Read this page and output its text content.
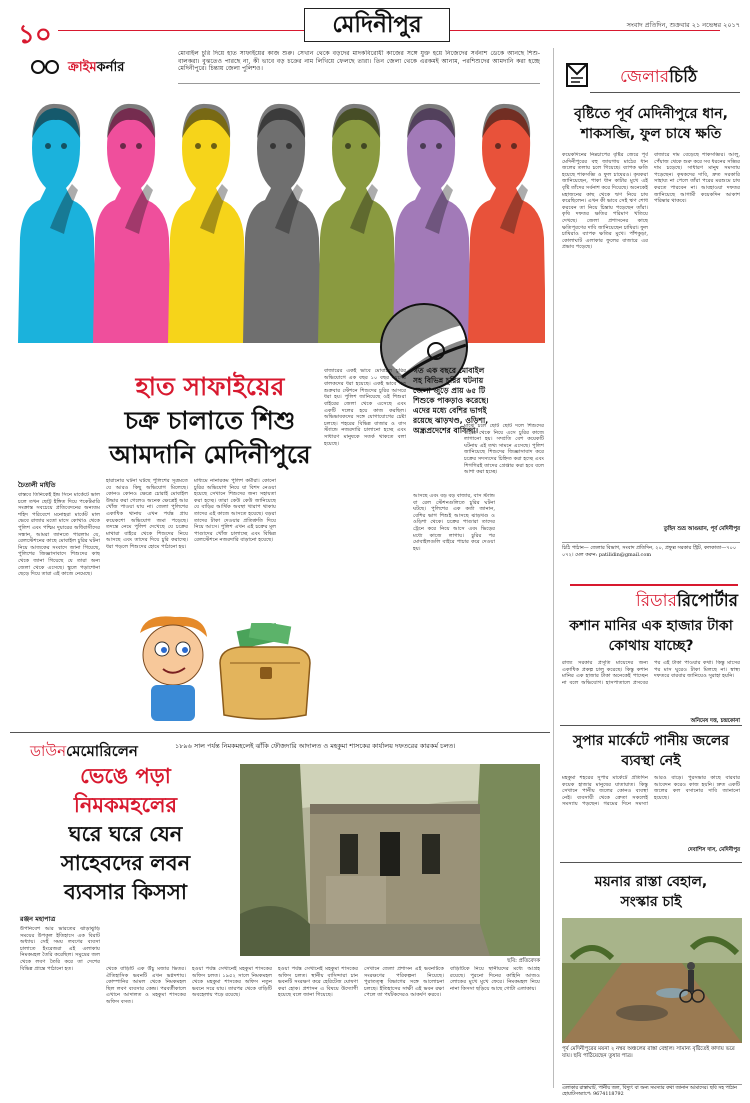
১০	মেদিনীপুর	সংবাদ প্রতিদিন, শুক্রবার ২১ নভেম্বর ২০১৭
ক্রাইমকর্নার
মোবাইল চুরি দিয়ে হাত সাফাইয়ের কাজ শুরু। সেখান থেকে বড়দের মাদকবিরোধী কাজের সঙ্গে যুক্ত হয়ে নিজেদের সর্বনাশ ডেকে আনছে শিশু-বালকরা। বুঝতেও পারছে না, কী ভাবে বড় চক্রের নাম লিখিয়ে ফেলছে তারা। তিন জেলা থেকে এরকমই আনাম, পরশিশুদের আমদানি করা হচ্ছে মেদিনীপুরে। চিন্তায় জেলা পুলিশও।
হাত সাফাইয়ের
চক্র চালাতে শিশু
আমদানি মেদিনীপুরে
চৈতালী মাইতি
বাস্তবে তিনিকেই ইন্দ্র সিনে মার্কেটে ভাল চলে তখন ছোট্ট ইঙ্গিত দিয়ে পকেটমারি সংক্রান্ত সবচেয়ে প্রতিবেদনের অন্যতম শহিদ পরিবেশে মনোহরা মার্কেট মাল ভেবে রাজার মতো মাসে কোথাও থেকে পুলিশ এবং পশ্চিম দুয়ারের অধিবাসীদের সন্ধান, আমরা জানতে পারলাম যে, রেলস্টেশনের কাছে মোবাইল চুরির ঘটনা নিয়ে আজকের সংবাদে জানা গিয়েছে, পুলিশের জিজ্ঞাসাবাদে শিশুদের কাছ থেকে জানা গিয়েছে যে তারা অন্য জেলা থেকে এসেছে। স্কুলে পড়াশোনা ছেড়ে দিয়ে তারা এই কাজে নেমেছে।
হারানোর ঘটনা ঘটছে পুলিশের সূত্রমতে যে আরও কিছু অভিযোগ মিলেছে। কোনও কোনও ক্ষেত্রে চোরাই মোবাইল উদ্ধার করা গেলেও অনেক ক্ষেত্রেই আর খোঁজ পাওয়া যায় না। জেলা পুলিশের একাধিক থানায় এখন পর্যন্ত প্রায় কয়েকশো অভিযোগ জমা পড়েছে। তদন্তে নেমে পুলিশ দেখেছে যে চক্রের মাথারা বাইরে থেকে শিশুদের নিয়ে আসছে এবং তাদের দিয়ে চুরি করাচ্ছে। ধরা পড়লে শিশুদের হোমে পাঠানো হয়।
মাধ্যমে নানারকম পুলিশ কর্মীরা। কোনো চুরির অভিযোগ নিয়ে যা বিশদ নেওয়া হয়েছে সেখানে শিশুদের জন্য সহায়তা করা হচ্ছে। তারা কেউ কেউ জানিয়েছে যে বাড়ির আর্থিক অবস্থা খারাপ থাকায় তাদের এই কাজে আসতে হয়েছে। বড়রা তাদের টাকা দেওয়ার প্রতিশ্রুতি দিয়ে নিয়ে আসে। পুলিশ এখন এই চক্রের মূল পাণ্ডাদের খোঁজ চালাচ্ছে এবং বিভিন্ন রেলস্টেশনে নজরদারি বাড়ানো হয়েছে।
বাজারের একই ভাবে মোবাইল চুরির অভিযোগে এক বছর ১০ বছর বয়সের বালকদের ধরা হয়েছে। একই ভাবে গত শুক্রবার স্টেশনে শিশুদের চুরির আসরে ধরা হয়। পুলিশ জানিয়েছে ওই শিশুরা বাইরের জেলা থেকে এসেছে এবং একটি দলের হয়ে কাজ করছিল। অভিভাবকদের সঙ্গে যোগাযোগের চেষ্টা চলছে। শহরের বিভিন্ন বাজার ও বাস স্ট্যান্ডে নজরদারি চালানো হচ্ছে এবং সাধারণ মানুষকে সতর্ক থাকতে বলা হয়েছে।
আসছে এবং বড় বড় বাজার, বাস স্ট্যান্ড বা রেল স্টেশনগুলিতে চুরির ঘটনা ঘটছে। পুলিশের এক কর্তা জানান, বেশির ভাগ শিশুই আসছে ঝাড়খণ্ড ও ওড়িশা থেকে। চক্রের পাণ্ডারা তাদের ট্রেনে করে নিয়ে আসে এবং ভিড়ের মধ্যে কাজে লাগায়। চুরির পর মোবাইলগুলি বাইরে পাচার করে দেওয়া হয়।
মাঝে চলে ছোট ছোট দলে শিশুদের বাইরে থেকে নিয়ে এসে চুরির কাজে লাগানো হয়। সম্প্রতি বেশ কয়েকটি ঘটনায় এই তথ্য সামনে এসেছে। পুলিশ জানিয়েছে শিশুদের জিজ্ঞাসাবাদ করে চক্রের সদস্যদের চিহ্নিত করা হচ্ছে এবং শিগগিরই তাদের গ্রেপ্তার করা হবে বলে আশা করা হচ্ছে।
গত এক বছরে মোবাইল সহ বিভিন্ন চুরির ঘটনায় জেলা জুড়ে প্রায় ৬৫ টি শিশুকে পাকড়াও করেছে। এদের মধ্যে বেশির ভাগই রয়েছে ঝাড়খণ্ড, ওড়িশা, অন্ধ্রপ্রদেশের বাসিন্দা।
জেলারচিঠি
বৃষ্টিতে পূর্ব মেদিনীপুরে ধান, শাকসব্জি, ফুল চাষে ক্ষতি
কয়েকদিনের নিম্নচাপের বৃষ্টির জেরে পূর্ব মেদিনীপুরের বহু জায়গায় মাঠের ধান জলের তলায় চলে গিয়েছে। ব্যাপক ক্ষতি হয়েছে শাকসব্জি ও ফুল চাষেরও। কৃষকরা জানিয়েছেন, পাকা ধান কাটার মুখে এই বৃষ্টি তাঁদের সর্বনাশ করে দিয়েছে। অনেকেই মহাজনের কাছ থেকে ঋণ নিয়ে চাষ করেছিলেন। এখন কী ভাবে সেই ঋণ শোধ করবেন তা নিয়ে চিন্তায় পড়েছেন তাঁরা। কৃষি দফতর ক্ষতির পরিমাণ খতিয়ে দেখছে। জেলা প্রশাসনের কাছে ক্ষতিপূরণের দাবি জানিয়েছেন চাষিরা। ফুল চাষিরাও ব্যাপক ক্ষতির মুখে। পাঁশকুড়া, কোলাঘাট এলাকার ফুলের বাজারে এর প্রভাব পড়েছে।
বাজারে দাম বেড়েছে শাকসব্জির। আলু, পেঁয়াজ থেকে শুরু করে সব ধরনের সব্জির দাম চড়েছে। সাধারণ মানুষ সমস্যায় পড়েছেন। কৃষকদের দাবি, দ্রুত সরকারি সাহায্য না পেলে তাঁরা পরের মরশুমে চাষ করতে পারবেন না। আবহাওয়া দফতর জানিয়েছে আগামী কয়েকদিন আকাশ পরিষ্কার থাকবে।
তুহিন শুভ্র আগুয়ান, পূর্ব মেদিনীপুর
চিঠি পাঠান— জেলার বিভাগ, সংবাদ প্রতিদিন, ২০, প্রফুল্ল সরকার স্ট্রিট, কলকাতা—৭০০ ০৭২। মেল করুন: patilidin@gmail.com
রিডাররিপোর্টার
কশান মানির এক হাজার টাকা কোথায় যাচ্ছে?
রাজ্য সরকার প্রসূতি মায়েদের জন্য একাধিক প্রকল্প চালু করেছে। কিন্তু কশান মানির এক হাজার টাকা অনেকেই পাচ্ছেন না বলে অভিযোগ। হাসপাতালে প্রসবের পর এই টাকা পাওয়ার কথা। কিন্তু মাসের পর মাস ঘুরেও টাকা মিলছে না। স্বাস্থ্য দফতরে বারবার জানিয়েও সুরাহা হয়নি।
অনিমেষ দত্ত, চন্দ্রকোনা
সুপার মার্কেটে পানীয় জলের ব্যবস্থা নেই
মহকুমা শহরের সুপার মার্কেটে প্রতিদিন কয়েক হাজার মানুষের যাতায়াত। কিন্তু সেখানে পানীয় জলের কোনও ব্যবস্থা নেই। ব্যবসায়ী থেকে ক্রেতা সকলেই সমস্যায় পড়ছেন। গরমের দিনে সমস্যা আরও বাড়ে। পুরসভার কাছে বারবার আবেদন করেও কাজ হয়নি। দ্রুত একটি জলের কল বসানোর দাবি জানানো হয়েছে।
দেবাশিস দাস, মেদিনীপুর
ময়নার রাস্তা বেহাল,
সংস্কার চাই
পূর্ব মেদিনীপুরের ময়না ২ নম্বর অঞ্চলের রাস্তা বেহাল। সামান্য বৃষ্টিতেই কাদায় ভরে যায়। ছবি পাঠিয়েছেন তুষার পাত্র।
ডাউনমেমোরিলেন	১৮৯৬ সাল পর্যন্ত নিমকমহলেই ঝাঁকি ফৌজদারি আদালত ও মহকুমা শাসকের কার্যালয় দফতরের কারকর্ম চলত।
ভেঙে পড়া
নিমকমহলের
ঘরে ঘরে যেন
সাহেবদের লবন
ব্যবসার কিসসা
রঞ্জন মহাপাত্র
ছবি: প্রতিবেদক
উপনিবেশ আর ভারতের ঝাড়াঝুড়ি সময়ের উপকূল ইতিহাসে এক বিরাট অধ্যায়। সেই সময় লবণের ব্যবসা চালাতে ইংরেজরা এই এলাকায় নিমকমহল তৈরি করেছিল। সমুদ্রের জল থেকে লবণ তৈরি করে তা দেশের বিভিন্ন প্রান্তে পাঠানো হত।	থেকে বাড়িটি এক উঁচু মজার ভিতর। ঐতিহাসিক ভবনটি এখন ভগ্নদশায়। কোম্পানির আমল থেকে নিমকমহল ছিল লবণ ব্যবসার কেন্দ্র। পরবর্তীকালে এখানে আদালত ও মহকুমা শাসকের অফিস বসত।
হওয়া পর্যন্ত সেখানেই মহকুমা শাসকের অফিস চলত। ১৯৫২ সালে নিমকমহল থেকে মহকুমা শাসকের অফিস নতুন ভবনে সরে যায়। তারপর থেকে বাড়িটি অবহেলায় পড়ে রয়েছে।
হওয়া পর্যন্ত সেখানেই মহকুমা শাসকের অফিস চলত। স্থানীয় বাসিন্দারা চান ভবনটি সংরক্ষণ করে হেরিটেজ ঘোষণা করা হোক। প্রশাসন এ বিষয়ে উদ্যোগী হয়েছে বলে জানা গিয়েছে।
সেখানে জেলা প্রশাসন এই ভবনটিকে সংরক্ষণের পরিকল্পনা নিয়েছে। পুরাতত্ত্ব বিভাগের সঙ্গে আলোচনা চলছে। ইতিহাসের সাক্ষী এই ভবন রক্ষা পেলে তা পর্যটকদেরও আকর্ষণ করবে।
বাড়িটিকে নিয়ে স্থানীয়দের মধ্যে আগ্রহ রয়েছে। পুরনো দিনের কাহিনি আজও লোকের মুখে মুখে ফেরে। নিমকমহল নিয়ে নানা কিসসা ছড়িয়ে আছে গোটা এলাকায়।
এলাকার রাস্তাঘাট, পানীয় জল, বিদ্যুৎ বা অন্য সমস্যার কথা জানান আমাদের। ছবি সহ পাঠান হোয়াটসঅ্যাপে: 9674118792
